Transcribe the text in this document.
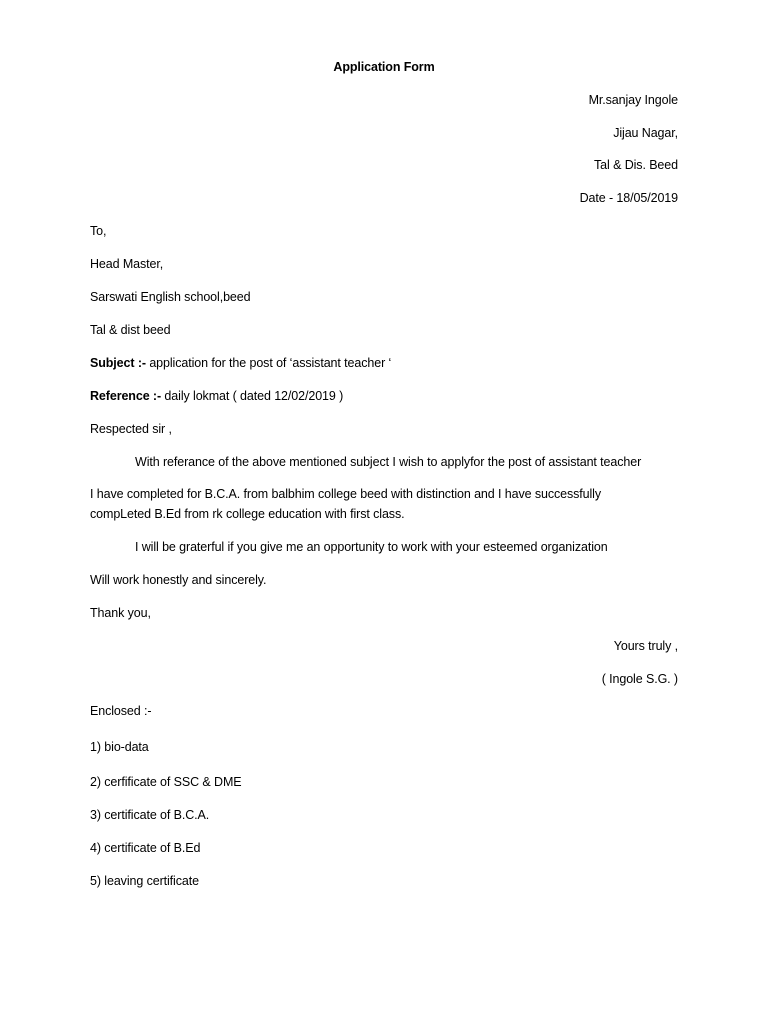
Application Form
Mr.sanjay Ingole
Jijau Nagar,
Tal & Dis. Beed
Date - 18/05/2019
To,
Head Master,
Sarswati English school,beed
Tal & dist beed
Subject :- application for the post of ‘assistant teacher ‘
Reference :- daily lokmat ( dated 12/02/2019 )
Respected sir ,
With referance of the above mentioned subject I wish to applyfor the post of assistant teacher
I have completed for B.C.A. from balbhim college beed with distinction and I have successfully compLeted B.Ed from rk college education with first class.
I will be graterful if you give me an opportunity to work with your esteemed organization
Will work honestly and sincerely.
Thank you,
Yours truly ,
( Ingole S.G. )
Enclosed :-
1) bio-data
2) cerfificate of SSC & DME
3) certificate of B.C.A.
4) certificate of B.Ed
5) leaving certificate
